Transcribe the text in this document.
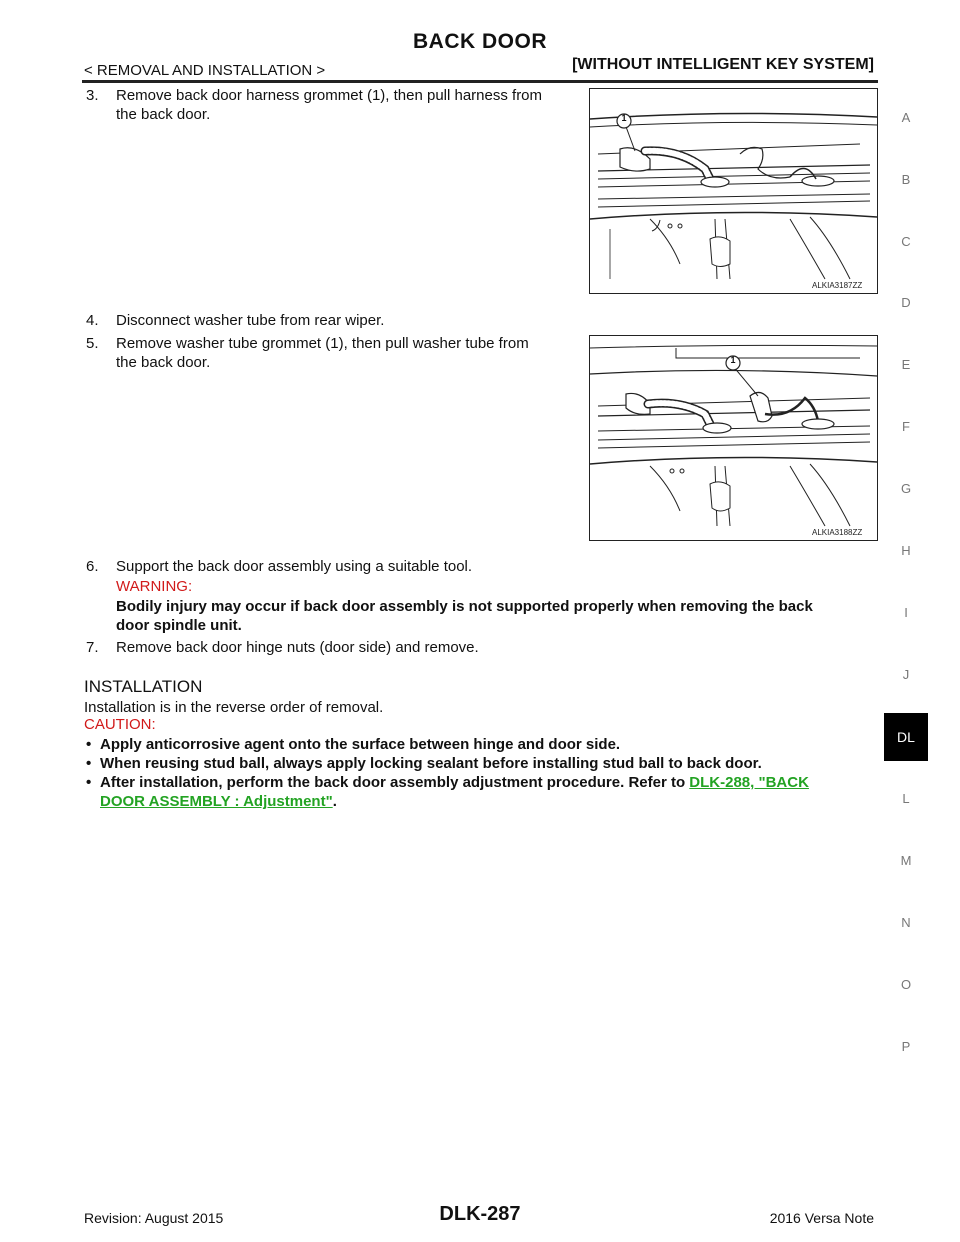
BACK DOOR
< REMOVAL AND INSTALLATION >	[WITHOUT INTELLIGENT KEY SYSTEM]
3. Remove back door harness grommet (1), then pull harness from
the back door.	1
ALKIA3187ZZ
4. Disconnect washer tube from rear wiper.
5. Remove washer tube grommet (1), then pull washer tube from
the back door.	1
ALKIA3188ZZ
6. Support the back door assembly using a suitable tool.
WARNING:
Bodily injury may occur if back door assembly is not supported properly when removing the back
door spindle unit.
7. Remove back door hinge nuts (door side) and remove.
INSTALLATION
Installation is in the reverse order of removal.
CAUTION:
• Apply anticorrosive agent onto the surface between hinge and door side.
• When reusing stud ball, always apply locking sealant before installing stud ball to back door.
• After installation, perform the back door assembly adjustment procedure. Refer to DLK-288, "BACK
DOOR ASSEMBLY : Adjustment".
A
B
C
D
E
F
G
H
I
J
DL
L
M
N
O
P
Revision: August 2015	DLK-287	2016 Versa Note
